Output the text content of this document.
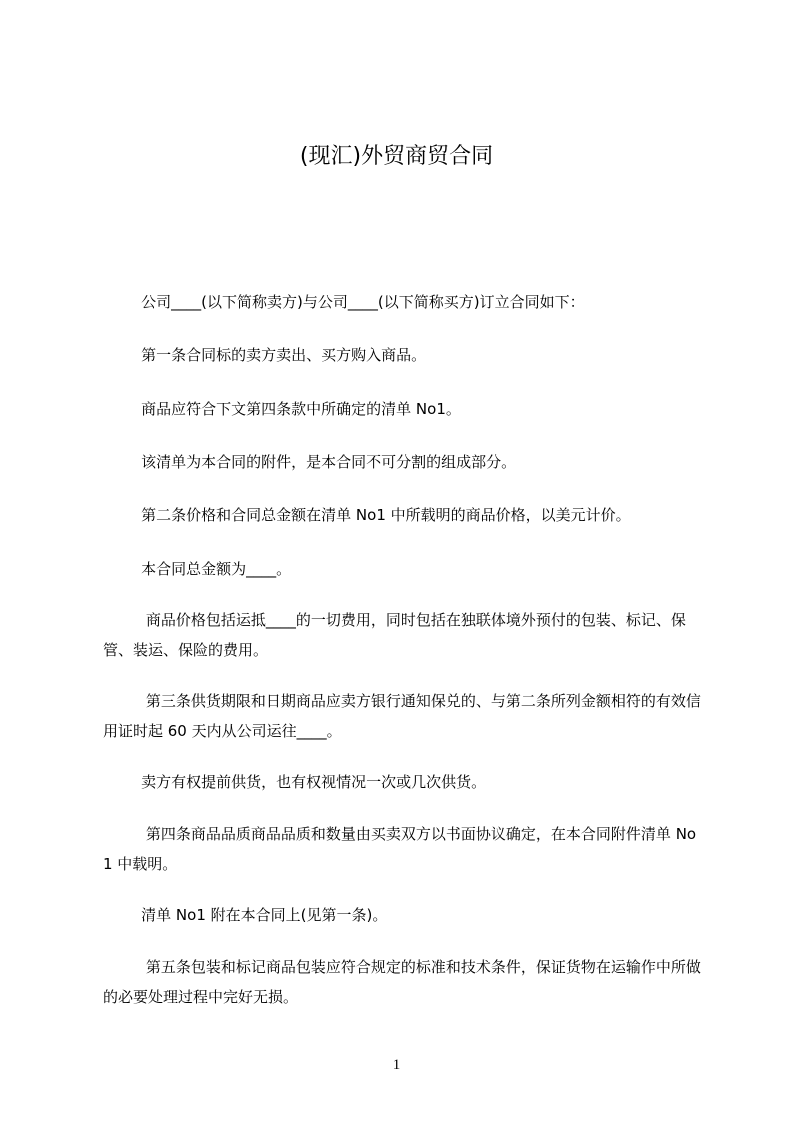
(现汇)外贸商贸合同
公司____(以下简称卖方)与公司____(以下简称买方)订立合同如下：
第一条合同标的卖方卖出、买方购入商品。
商品应符合下文第四条款中所确定的清单 No1。
该清单为本合同的附件，是本合同不可分割的组成部分。
第二条价格和合同总金额在清单 No1 中所载明的商品价格，以美元计价。
本合同总金额为____。
商品价格包括运抵____的一切费用，同时包括在独联体境外预付的包装、标记、保管、装运、保险的费用。
第三条供货期限和日期商品应卖方银行通知保兑的、与第二条所列金额相符的有效信用证时起 60 天内从公司运往____。
卖方有权提前供货，也有权视情况一次或几次供货。
第四条商品品质商品品质和数量由买卖双方以书面协议确定，在本合同附件清单 No1 中载明。
清单 No1 附在本合同上(见第一条)。
第五条包装和标记商品包装应符合规定的标准和技术条件，保证货物在运输作中所做的必要处理过程中完好无损。
1
